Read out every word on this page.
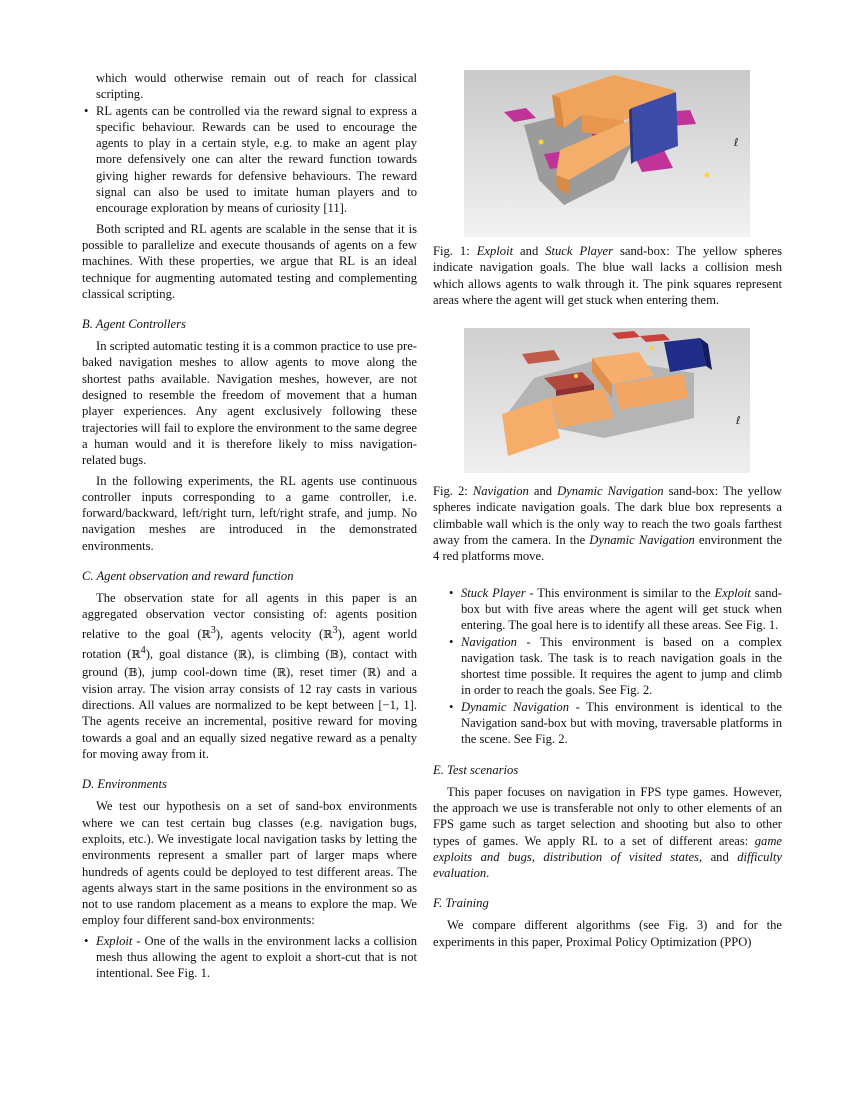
which would otherwise remain out of reach for classical scripting.

• RL agents can be controlled via the reward signal to express a specific behaviour. Rewards can be used to encourage the agents to play in a certain style, e.g. to make an agent play more defensively one can alter the reward function towards giving higher rewards for defensive behaviours. The reward signal can also be used to imitate human players and to encourage exploration by means of curiosity [11].

Both scripted and RL agents are scalable in the sense that it is possible to parallelize and execute thousands of agents on a few machines. With these properties, we argue that RL is an ideal technique for augmenting automated testing and complementing classical scripting.

B. Agent Controllers

In scripted automatic testing it is a common practice to use pre-baked navigation meshes to allow agents to move along the shortest paths available. Navigation meshes, however, are not designed to resemble the freedom of movement that a human player experiences. Any agent exclusively following these trajectories will fail to explore the environment to the same degree a human would and it is therefore likely to miss navigation-related bugs.

In the following experiments, the RL agents use continuous controller inputs corresponding to a game controller, i.e. forward/backward, left/right turn, left/right strafe, and jump. No navigation meshes are introduced in the demonstrated environments.

C. Agent observation and reward function

The observation state for all agents in this paper is an aggregated observation vector consisting of: agents position relative to the goal (ℝ$^3$), agents velocity (ℝ$^3$), agent world rotation (ℝ$^4$), goal distance (ℝ), is climbing (𝔹), contact with ground (𝔹), jump cool-down time (ℝ), reset timer (ℝ) and a vision array. The vision array consists of 12 ray casts in various directions. All values are normalized to be kept between [−1, 1]. The agents receive an incremental, positive reward for moving towards a goal and an equally sized negative reward as a penalty for moving away from it.

D. Environments

We test our hypothesis on a set of sand-box environments where we can test certain bug classes (e.g. navigation bugs, exploits, etc.). We investigate local navigation tasks by letting the environments represent a smaller part of larger maps where hundreds of agents could be deployed to test different areas. The agents always start in the same positions in the environment so as not to use random placement as a means to explore the map. We employ four different sand-box environments:

• Exploit - One of the walls in the environment lacks a collision mesh thus allowing the agent to exploit a short-cut that is not intentional. See Fig. 1.
ℓ

Fig. 1: Exploit and Stuck Player sand-box: The yellow spheres indicate navigation goals. The blue wall lacks a collision mesh which allows agents to walk through it. The pink squares represent areas where the agent will get stuck when entering them.

ℓ

Fig. 2: Navigation and Dynamic Navigation sand-box: The yellow spheres indicate navigation goals. The dark blue box represents a climbable wall which is the only way to reach the two goals farthest away from the camera. In the Dynamic Navigation environment the 4 red platforms move.

• Stuck Player - This environment is similar to the Exploit sand-box but with five areas where the agent will get stuck when entering. The goal here is to identify all these areas. See Fig. 1.
• Navigation - This environment is based on a complex navigation task. The task is to reach navigation goals in the shortest time possible. It requires the agent to jump and climb in order to reach the goals. See Fig. 2.
• Dynamic Navigation - This environment is identical to the Navigation sand-box but with moving, traversable platforms in the scene. See Fig. 2.
E. Test scenarios

This paper focuses on navigation in FPS type games. However, the approach we use is transferable not only to other elements of an FPS game such as target selection and shooting but also to other types of games. We apply RL to a set of different areas: game exploits and bugs, distribution of visited states, and difficulty evaluation.

F. Training

We compare different algorithms (see Fig. 3) and for the experiments in this paper, Proximal Policy Optimization (PPO)
